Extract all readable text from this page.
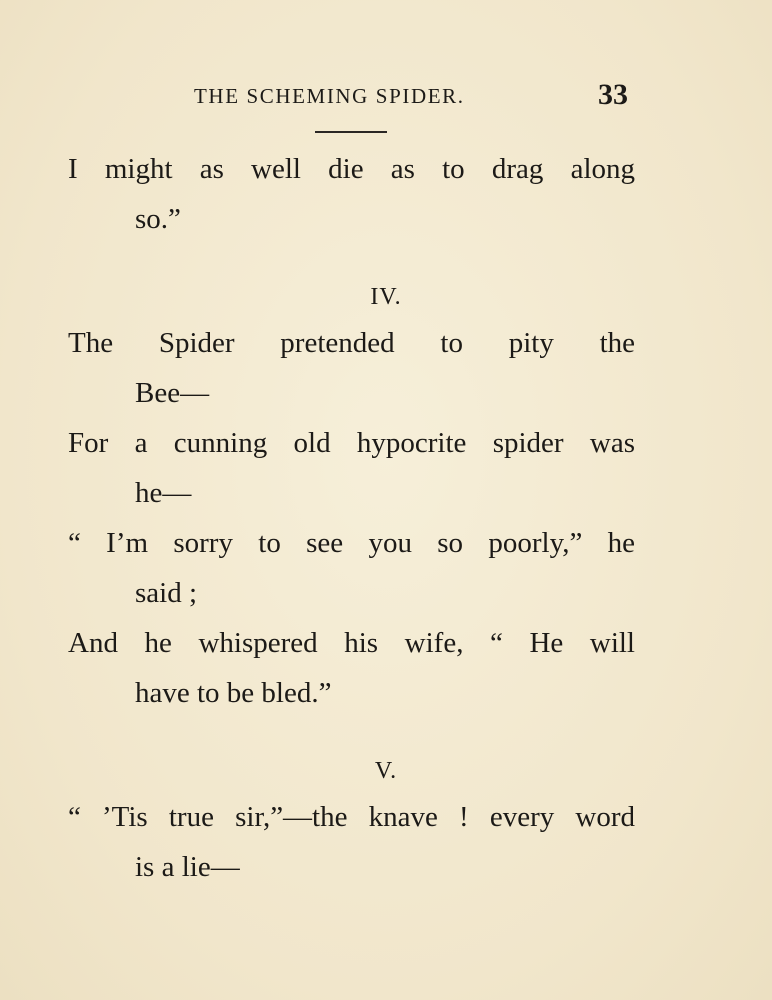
THE SCHEMING SPIDER.	33
I might as well die as to drag along
so.”
IV.
The Spider pretended to pity the
Bee—
For a cunning old hypocrite spider was
he—
“ I’m sorry to see you so poorly,” he
said ;
And he whispered his wife, “ He will
have to be bled.”
V.
“ ’Tis true sir,”—the knave ! every word
is a lie—
